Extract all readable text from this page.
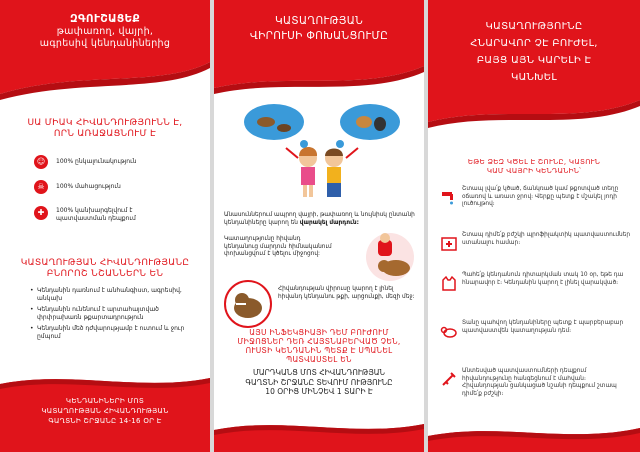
ԶԳՈՒՇԱՑԵՔ
թափառող, վայրի,
ագրեսիվ կենդանիներից
ՍԱ ՄԻԱԿ ՀԻՎԱՆԴՈՒԹՅՈՒՆՆ Է,
ՈՐՆ ԱՌԱՋԱՑՆՈՒՄ Է
☺	100% ընկալունակություն
☠	100% մահացություն
✚	100% կանխարգելվում է պատվաստման դեպքում
ԿԱՏԱՂՈՒԹՅԱՆ ՀԻՎԱՆԴՈՒԹՅԱՆԸ
ԲՆՈՐՈՇ ՆՇԱՆՆԵՐՆ ԵՆ
• Կենդանին դառնում է անհանգիստ, ագրեսիվ, անկախ
• Կենդանին ունենում է արտահայտված փրփրախառն թքարտադրություն
• Կենդանին մեծ դժվարությամբ է ուտում և ջուր ըմպում
ԿԵՆԴԱՆԻՆԵՐԻ ՄՈՏ
ԿԱՏԱՂՈՒԹՅԱՆ ՀԻՎԱՆԴՈՒԹՅԱՆ
ԳԱՂՏՆԻ ՇՐՋԱՆԸ 14-16 ՕՐ Է
ԿԱՏԱՂՈՒԹՅԱՆ
ՎԻՐՈՒՍԻ ՓՈԽԱՆՑՈՒՄԸ
Անասուններում ապրող վայրի, թափառող և նույնիսկ ընտանի կենդանիները կարող են վարակել մարդուն:
Կատաղությունը հիվանդ կենդանուց մարդուն հիմնականում փոխանցվում է կծելու միջոցով:
Հիվանդության վիրուսը կարող է լինել հիվանդ կենդանու թքի, արցունքի, մեզի մեջ:
ԱՅՍ ԻՆՖԵԿՑԻԱՅԻ ԴԵՄ ԲՈՒԺՈՒՄ
ՄԻՋՈՑՆԵՐ ԴԵՌ ՀԱՅՏՆԱԲԵՐՎԱԾ ՉԵՆ,
ՈՒՍՏԻ ԿԵՆԴԱՆԻՆ ՊԵՏՔ Է ՍՊԱՆԵԼ
ՊԱՏՎԱՍՏԵԼ ԵՆ
ՄԱՐԴԿԱՆՑ ՄՈՏ ՀԻՎԱՆԴՈՒԹՅԱՆ
ԳԱՂՏՆԻ ՇՐՋԱՆԸ ՏԵՎՈՒՄ ՈՒԹՅՈՒՆԸ
10 ՕՐԻՑ ՄԻՆՉԵՎ 1 ՏԱՐԻ Է
ԿԱՏԱՂՈՒԹՅՈՒՆԸ
ՀՆԱՐԱՎՈՐ ՉԷ ԲՈՒԺԵԼ,
ԲԱՅՑ ԱՅՆ ԿԱՐԵԼԻ Է
ԿԱՆԽԵԼ
ԵԹԵ ՁԵԶ ԿԾԵԼ Է ՇՈՒՆԸ, ԿԱՏՈՒՆ
ԿԱՄ ՎԱՅՐԻ ԿԵՆԴԱՆԻՆ՝
Շտապ լվա՛ք կծած, ճանկռած կամ թքոտված տեղը օճառով և առատ ջրով։ Վերքը պետք է մշակել յոդի լուծույթով։
Շտապ դիմե՛ք բժշկի պրոֆիլակտիկ պատվաստումներ ստանալու համար։
Պահե՛ք կենդանուն դիտարկման տակ 10 օր, եթե դա հնարավոր է։ Կենդանին կարող է լինել վարակված։
Տանը պահվող կենդանիները պետք է պարբերաբար պատվաստվեն կատաղության դեմ։
Անտեսված պատվաստումների դեպքում հիվանդությունը հանգեցնում է մահվան։ Հիվանդության ցանկացած նշանի դեպքում շտապ դիմե՛ք բժշկի։
